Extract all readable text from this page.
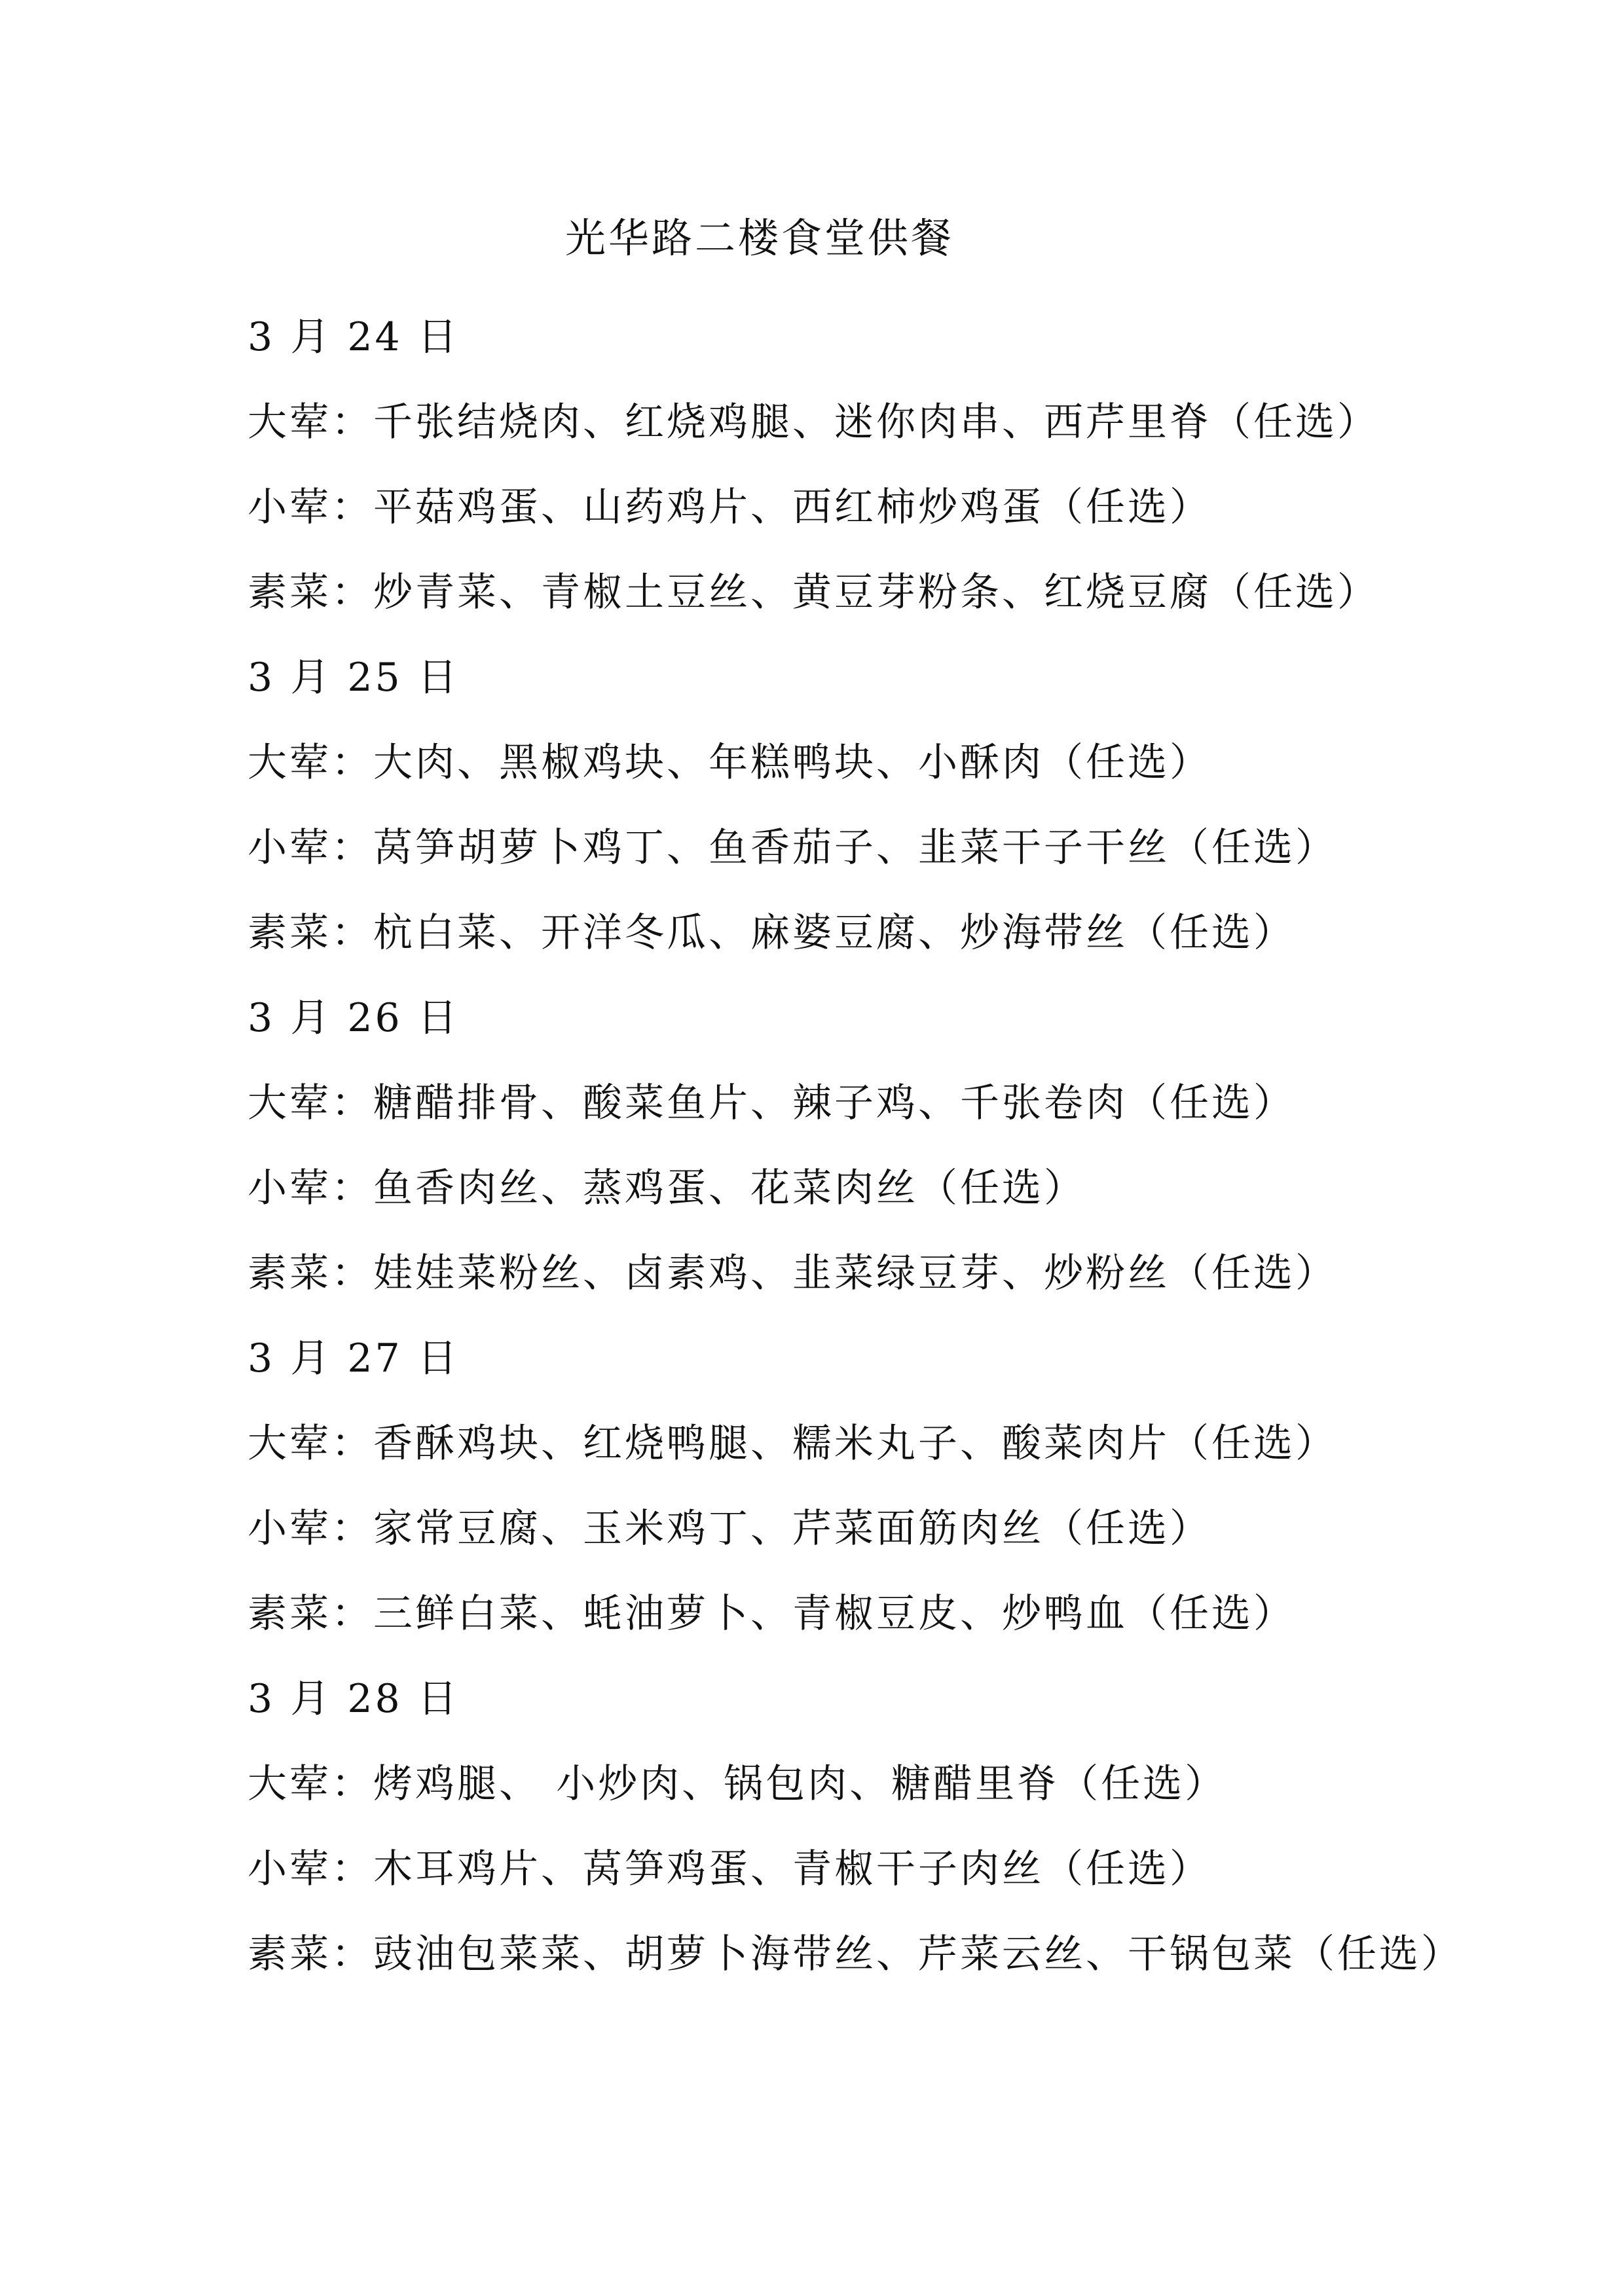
光华路二楼食堂供餐
3 月 24 日
大荤：千张结烧肉、红烧鸡腿、迷你肉串、西芹里脊（任选）
小荤：平菇鸡蛋、山药鸡片、西红柿炒鸡蛋（任选）
素菜：炒青菜、青椒土豆丝、黄豆芽粉条、红烧豆腐（任选）
3 月 25 日
大荤：大肉、黑椒鸡块、年糕鸭块、小酥肉（任选）
小荤：莴笋胡萝卜鸡丁、鱼香茄子、韭菜干子干丝（任选）
素菜：杭白菜、开洋冬瓜、麻婆豆腐、炒海带丝（任选）
3 月 26 日
大荤：糖醋排骨、酸菜鱼片、辣子鸡、千张卷肉（任选）
小荤：鱼香肉丝、蒸鸡蛋、花菜肉丝（任选）
素菜：娃娃菜粉丝、卤素鸡、韭菜绿豆芽、炒粉丝（任选）
3 月 27 日
大荤：香酥鸡块、红烧鸭腿、糯米丸子、酸菜肉片（任选）
小荤：家常豆腐、玉米鸡丁、芹菜面筋肉丝（任选）
素菜：三鲜白菜、蚝油萝卜、青椒豆皮、炒鸭血（任选）
3 月 28 日
大荤：烤鸡腿、 小炒肉、锅包肉、糖醋里脊（任选）
小荤：木耳鸡片、莴笋鸡蛋、青椒干子肉丝（任选）
素菜：豉油包菜菜、胡萝卜海带丝、芹菜云丝、干锅包菜（任选）
